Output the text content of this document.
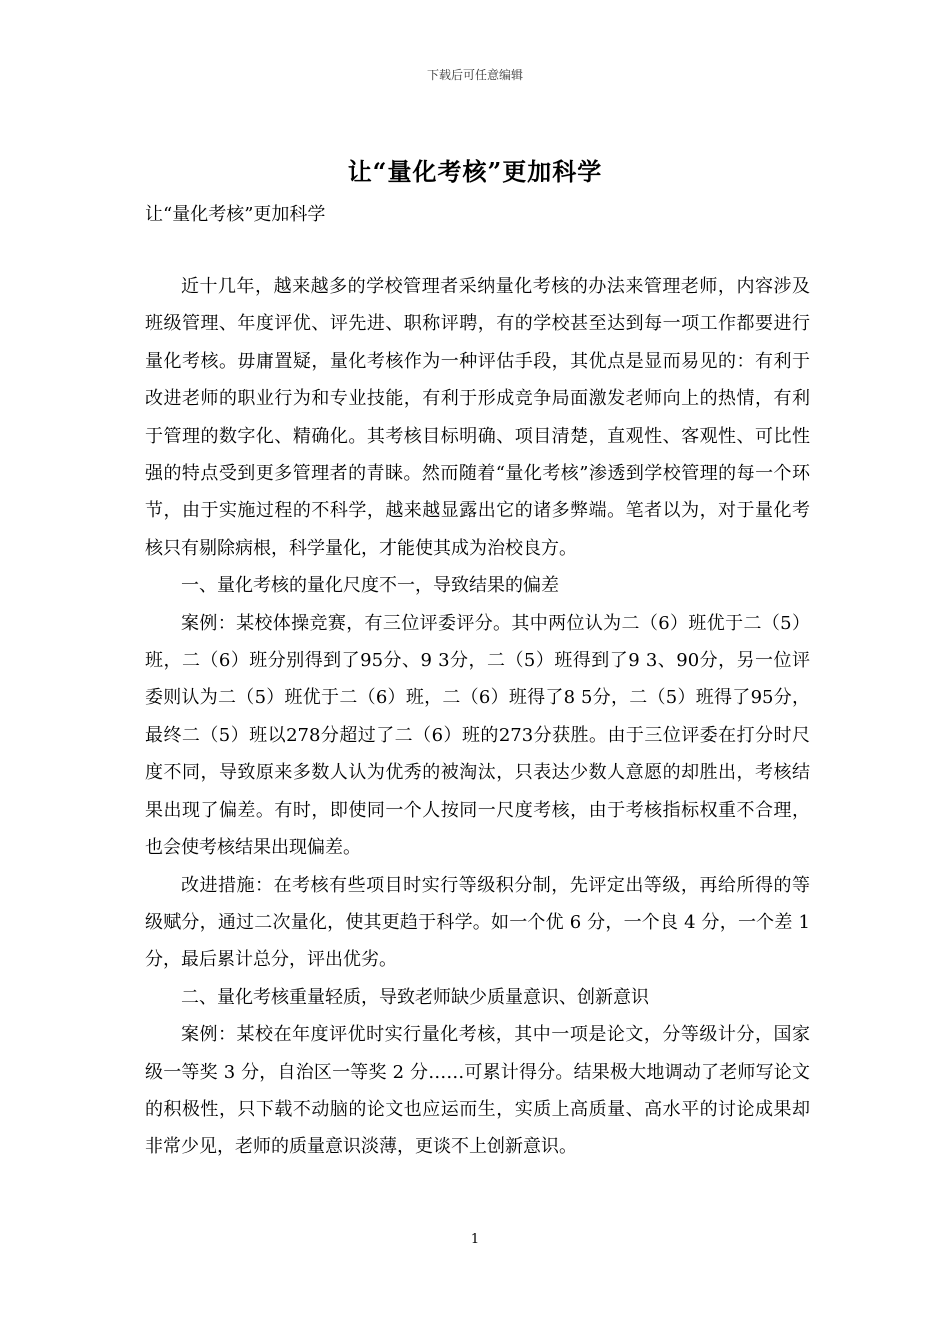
下载后可任意编辑
让“量化考核”更加科学
让“量化考核”更加科学

近十几年，越来越多的学校管理者采纳量化考核的办法来管理老师，内容涉及班级管理、年度评优、评先进、职称评聘，有的学校甚至达到每一项工作都要进行量化考核。毋庸置疑，量化考核作为一种评估手段，其优点是显而易见的：有利于改进老师的职业行为和专业技能，有利于形成竞争局面激发老师向上的热情，有利于管理的数字化、精确化。其考核目标明确、项目清楚，直观性、客观性、可比性强的特点受到更多管理者的青睐。然而随着“量化考核”渗透到学校管理的每一个环节，由于实施过程的不科学，越来越显露出它的诸多弊端。笔者以为，对于量化考核只有剔除病根，科学量化，才能使其成为治校良方。

一、量化考核的量化尺度不一，导致结果的偏差

案例：某校体操竞赛，有三位评委评分。其中两位认为二（6）班优于二（5）班，二（6）班分别得到了95分、9 3分，二（5）班得到了9 3、90分，另一位评委则认为二（5）班优于二（6）班，二（6）班得了8 5分，二（5）班得了95分，最终二（5）班以278分超过了二（6）班的273分获胜。由于三位评委在打分时尺度不同，导致原来多数人认为优秀的被淘汰，只表达少数人意愿的却胜出，考核结果出现了偏差。有时，即使同一个人按同一尺度考核，由于考核指标权重不合理，也会使考核结果出现偏差。

改进措施：在考核有些项目时实行等级积分制，先评定出等级，再给所得的等级赋分，通过二次量化，使其更趋于科学。如一个优 6 分，一个良 4 分，一个差 1 分，最后累计总分，评出优劣。

二、量化考核重量轻质，导致老师缺少质量意识、创新意识

案例：某校在年度评优时实行量化考核，其中一项是论文，分等级计分，国家级一等奖 3 分，自治区一等奖 2 分……可累计得分。结果极大地调动了老师写论文的积极性，只下载不动脑的论文也应运而生，实质上高质量、高水平的讨论成果却非常少见，老师的质量意识淡薄，更谈不上创新意识。

1
